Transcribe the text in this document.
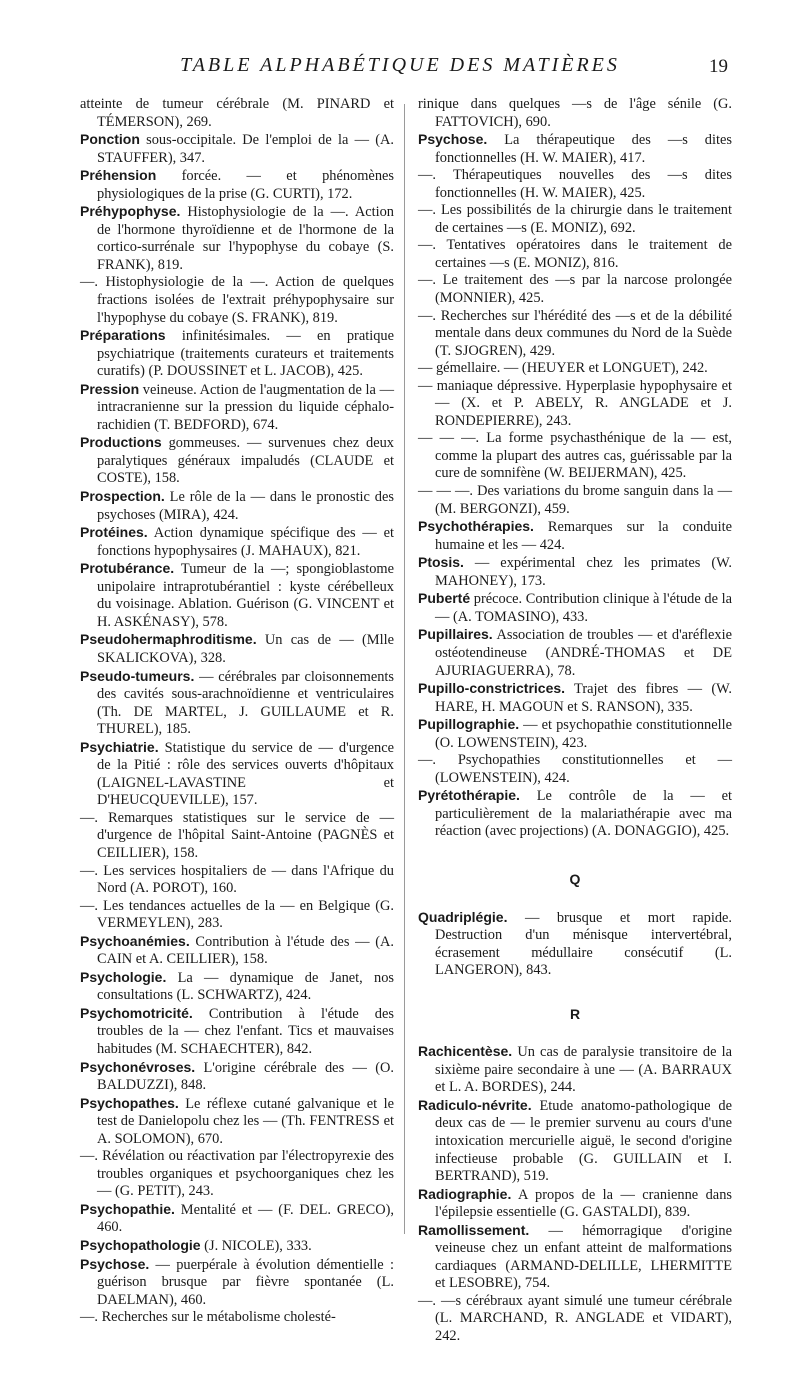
TABLE ALPHABÉTIQUE DES MATIÈRES	19
atteinte de tumeur cérébrale (M. PINARD et TÉMERSON), 269.
Ponction sous-occipitale. De l'emploi de la — (A. STAUFFER), 347.
Préhension forcée. — et phénomènes physiologiques de la prise (G. CURTI), 172.
Préhypophyse. Histophysiologie de la —. Action de l'hormone thyroïdienne et de l'hormone de la cortico-surrénale sur l'hypophyse du cobaye (S. FRANK), 819.
—. Histophysiologie de la —. Action de quelques fractions isolées de l'extrait préhypophysaire sur l'hypophyse du cobaye (S. FRANK), 819.
Préparations infinitésimales. — en pratique psychiatrique (traitements curateurs et traitements curatifs) (P. DOUSSINET et L. JACOB), 425.
Pression veineuse. Action de l'augmentation de la — intracranienne sur la pression du liquide céphalo-rachidien (T. BEDFORD), 674.
Productions gommeuses. — survenues chez deux paralytiques généraux impaludés (CLAUDE et COSTE), 158.
Prospection. Le rôle de la — dans le pronostic des psychoses (MIRA), 424.
Protéines. Action dynamique spécifique des — et fonctions hypophysaires (J. MAHAUX), 821.
Protubérance. Tumeur de la —; spongioblastome unipolaire intraprotubérantiel : kyste cérébelleux du voisinage. Ablation. Guérison (G. VINCENT et H. ASKÉNASY), 578.
Pseudohermaphroditisme. Un cas de — (Mlle SKALICKOVA), 328.
Pseudo-tumeurs. — cérébrales par cloisonnements des cavités sous-arachnoïdienne et ventriculaires (Th. DE MARTEL, J. GUILLAUME et R. THUREL), 185.
Psychiatrie. Statistique du service de — d'urgence de la Pitié : rôle des services ouverts d'hôpitaux (LAIGNEL-LAVASTINE et D'HEUCQUEVILLE), 157.
—. Remarques statistiques sur le service de — d'urgence de l'hôpital Saint-Antoine (PAGNÈS et CEILLIER), 158.
—. Les services hospitaliers de — dans l'Afrique du Nord (A. POROT), 160.
—. Les tendances actuelles de la — en Belgique (G. VERMEYLEN), 283.
Psychoanémies. Contribution à l'étude des — (A. CAIN et A. CEILLIER), 158.
Psychologie. La — dynamique de Janet, nos consultations (L. SCHWARTZ), 424.
Psychomotricité. Contribution à l'étude des troubles de la — chez l'enfant. Tics et mauvaises habitudes (M. SCHAECHTER), 842.
Psychonévroses. L'origine cérébrale des — (O. BALDUZZI), 848.
Psychopathes. Le réflexe cutané galvanique et le test de Danielopolu chez les — (Th. FENTRESS et A. SOLOMON), 670.
—. Révélation ou réactivation par l'électropyrexie des troubles organiques et psychoorganiques chez les — (G. PETIT), 243.
Psychopathie. Mentalité et — (F. DEL. GRECO), 460.
Psychopathologie (J. NICOLE), 333.
Psychose. — puerpérale à évolution démentielle : guérison brusque par fièvre spontanée (L. DAELMAN), 460.
—. Recherches sur le métabolisme cholesté-
rinique dans quelques —s de l'âge sénile (G. FATTOVICH), 690.
Psychose. La thérapeutique des —s dites fonctionnelles (H. W. MAIER), 417.
—. Thérapeutiques nouvelles des —s dites fonctionnelles (H. W. MAIER), 425.
—. Les possibilités de la chirurgie dans le traitement de certaines —s (E. MONIZ), 692.
—. Tentatives opératoires dans le traitement de certaines —s (E. MONIZ), 816.
—. Le traitement des —s par la narcose prolongée (MONNIER), 425.
—. Recherches sur l'hérédité des —s et de la débilité mentale dans deux communes du Nord de la Suède (T. SJOGREN), 429.
— gémellaire. — (HEUYER et LONGUET), 242.
— maniaque dépressive. Hyperplasie hypophysaire et — (X. et P. ABELY, R. ANGLADE et J. RONDEPIERRE), 243.
— — —. La forme psychasthénique de la — est, comme la plupart des autres cas, guérissable par la cure de somnifène (W. BEIJERMAN), 425.
— — —. Des variations du brome sanguin dans la — (M. BERGONZI), 459.
Psychothérapies. Remarques sur la conduite humaine et les — 424.
Ptosis. — expérimental chez les primates (W. MAHONEY), 173.
Puberté précoce. Contribution clinique à l'étude de la — (A. TOMASINO), 433.
Pupillaires. Association de troubles — et d'aréflexie ostéotendineuse (ANDRÉ-THOMAS et DE AJURIAGUERRA), 78.
Pupillo-constrictrices. Trajet des fibres — (W. HARE, H. MAGOUN et S. RANSON), 335.
Pupillographie. — et psychopathie constitutionnelle (O. LOWENSTEIN), 423.
—. Psychopathies constitutionnelles et — (LOWENSTEIN), 424.
Pyrétothérapie. Le contrôle de la — et particulièrement de la malariathérapie avec ma réaction (avec projections) (A. DONAGGIO), 425.
Q
Quadriplégie. — brusque et mort rapide. Destruction d'un ménisque intervertébral, écrasement médullaire consécutif (L. LANGERON), 843.
R
Rachicentèse. Un cas de paralysie transitoire de la sixième paire secondaire à une — (A. BARRAUX et L. A. BORDES), 244.
Radiculo-névrite. Etude anatomo-pathologique de deux cas de — le premier survenu au cours d'une intoxication mercurielle aiguë, le second d'origine infectieuse probable (G. GUILLAIN et I. BERTRAND), 519.
Radiographie. A propos de la — cranienne dans l'épilepsie essentielle (G. GASTALDI), 839.
Ramollissement. — hémorragique d'origine veineuse chez un enfant atteint de malformations cardiaques (ARMAND-DELILLE, LHERMITTE et LESOBRE), 754.
—. —s cérébraux ayant simulé une tumeur cérébrale (L. MARCHAND, R. ANGLADE et VIDART), 242.
